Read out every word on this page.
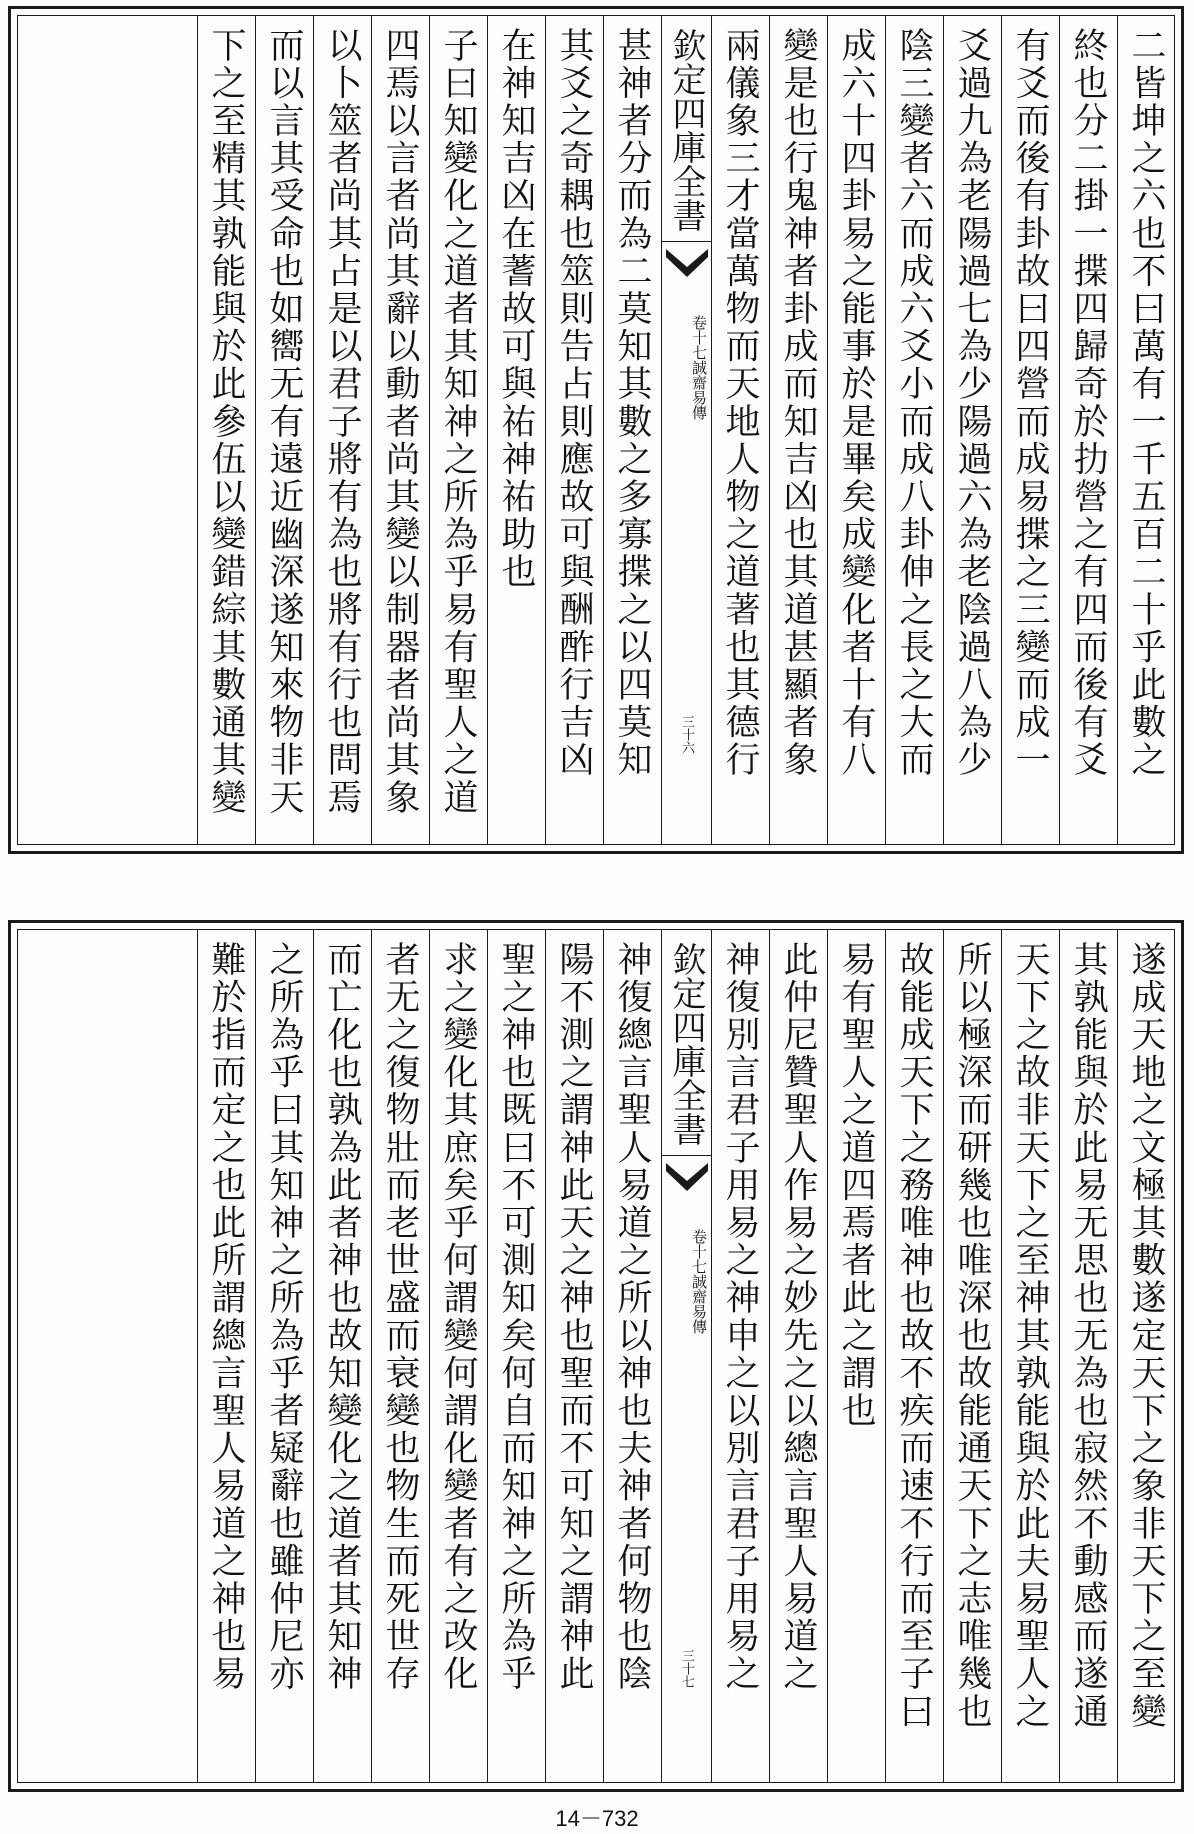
二皆坤之六也不曰萬有一千五百二十乎此數之
終也分二掛一揲四歸奇於扐營之有四而後有爻
有爻而後有卦故曰四營而成易揲之三變而成一
爻過九為老陽過七為少陽過六為老陰過八為少
陰三變者六而成六爻小而成八卦伸之長之大而
成六十四卦易之能事於是畢矣成變化者十有八
變是也行鬼神者卦成而知吉凶也其道甚顯者象
兩儀象三才當萬物而天地人物之道著也其德行
欽定四庫全書
誠齋易傳
卷十七
三十六
甚神者分而為二莫知其數之多寡揲之以四莫知
其爻之奇耦也筮則告占則應故可與酬酢行吉凶
在神知吉凶在蓍故可與祐神祐助也
子曰知變化之道者其知神之所為乎易有聖人之道
四焉以言者尚其辭以動者尚其變以制器者尚其象
以卜筮者尚其占是以君子將有為也將有行也問焉
而以言其受命也如嚮无有遠近幽深遂知來物非天
下之至精其孰能與於此參伍以變錯綜其數通其變
遂成天地之文極其數遂定天下之象非天下之至變
其孰能與於此易无思也无為也寂然不動感而遂通
天下之故非天下之至神其孰能與於此夫易聖人之
所以極深而研幾也唯深也故能通天下之志唯幾也
故能成天下之務唯神也故不疾而速不行而至子曰
易有聖人之道四焉者此之謂也
此仲尼贊聖人作易之妙先之以總言聖人易道之
神復別言君子用易之神申之以別言君子用易之
欽定四庫全書
誠齋易傳
卷十七
三十七
神復總言聖人易道之所以神也夫神者何物也陰
陽不測之謂神此天之神也聖而不可知之謂神此
聖之神也既曰不可測知矣何自而知神之所為乎
求之變化其庶矣乎何謂變何謂化變者有之改化
者无之復物壯而老世盛而衰變也物生而死世存
而亡化也孰為此者神也故知變化之道者其知神
之所為乎曰其知神之所為乎者疑辭也雖仲尼亦
難於指而定之也此所謂總言聖人易道之神也易
14－732
